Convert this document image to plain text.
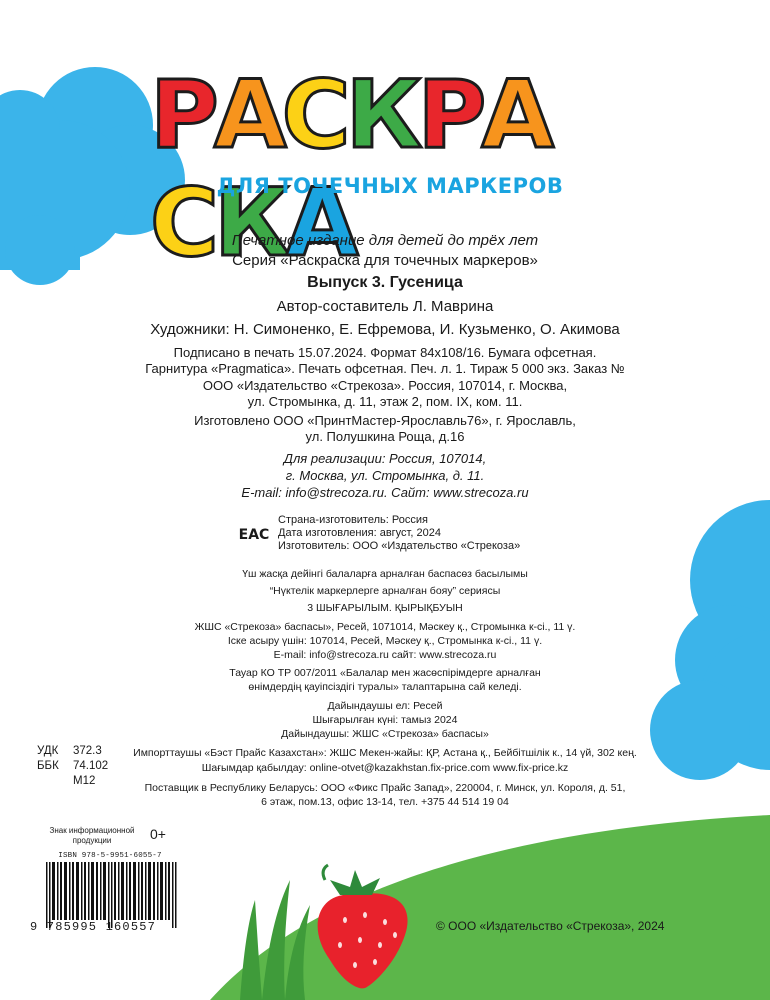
РАСКРАСКА
ДЛЯ ТОЧЕЧНЫХ МАРКЕРОВ
Печатное издание для детей до трёх лет
Серия «Раскраска для точечных маркеров»
Выпуск 3. Гусеница
Автор-составитель Л. Маврина
Художники: Н. Симоненко, Е. Ефремова, И. Кузьменко, О. Акимова
Подписано в печать 15.07.2024. Формат 84x108/16. Бумага офсетная.
Гарнитура «Pragmatica». Печать офсетная. Печ. л. 1. Тираж 5 000 экз. Заказ №
ООО «Издательство «Стрекоза». Россия, 107014, г. Москва,
ул. Стромынка, д. 11, этаж 2, пом. IX, ком. 11.
Изготовлено ООО «ПринтМастер-Ярославль76», г. Ярославль,
ул. Полушкина Роща, д.16
Для реализации: Россия, 107014,
г. Москва, ул. Стромынка, д. 11.
E-mail: info@strecoza.ru. Сайт: www.strecoza.ru
EAC
Страна-изготовитель: Россия
Дата изготовления: август, 2024
Изготовитель: ООО «Издательство «Стрекоза»
Үш жасқа дейінгі балаларға арналған баспасөз басылымы
“Нүктелік маркерлерге арналған бояу” сериясы
3 ШЫҒАРЫЛЫМ. ҚЫРЫҚБУЫН
ЖШС «Стрекоза» баспасы», Ресей, 1071014, Мәскеу қ., Стромынка к-сі., 11 ү.
Іске асыру үшін: 107014, Ресей, Мәскеу қ., Стромынка к-сі., 11 ү.
E-mail: info@strecoza.ru сайт: www.strecoza.ru
Тауар КО ТР 007/2011 «Балалар мен жасөспірімдерге арналған
өнімдердің қауіпсіздігі туралы» талаптарына сай келеді.
Дайындаушы ел: Ресей
Шығарылған күні: тамыз 2024
Дайындаушы: ЖШС «Стрекоза» баспасы»
Импорттаушы «Бэст Прайс Казахстан»: ЖШС Мекен-жайы: ҚР, Астана қ., Бейбітшілік к., 14 үй, 302 кең.
Шағымдар қабылдау: online-otvet@kazakhstan.fix-price.com www.fix-price.kz
Поставщик в Республику Беларусь: ООО «Фикс Прайс Запад», 220004, г. Минск, ул. Короля, д. 51,
6 этаж, пом.13, офис 13-14, тел. +375 44 514 19 04
УДК 372.3
ББК 74.102
М12
Знак информационной
продукции	0+
ISBN 978-5-9951-6055-7
9 785995 160557	© ООО «Издательство «Стрекоза», 2024
